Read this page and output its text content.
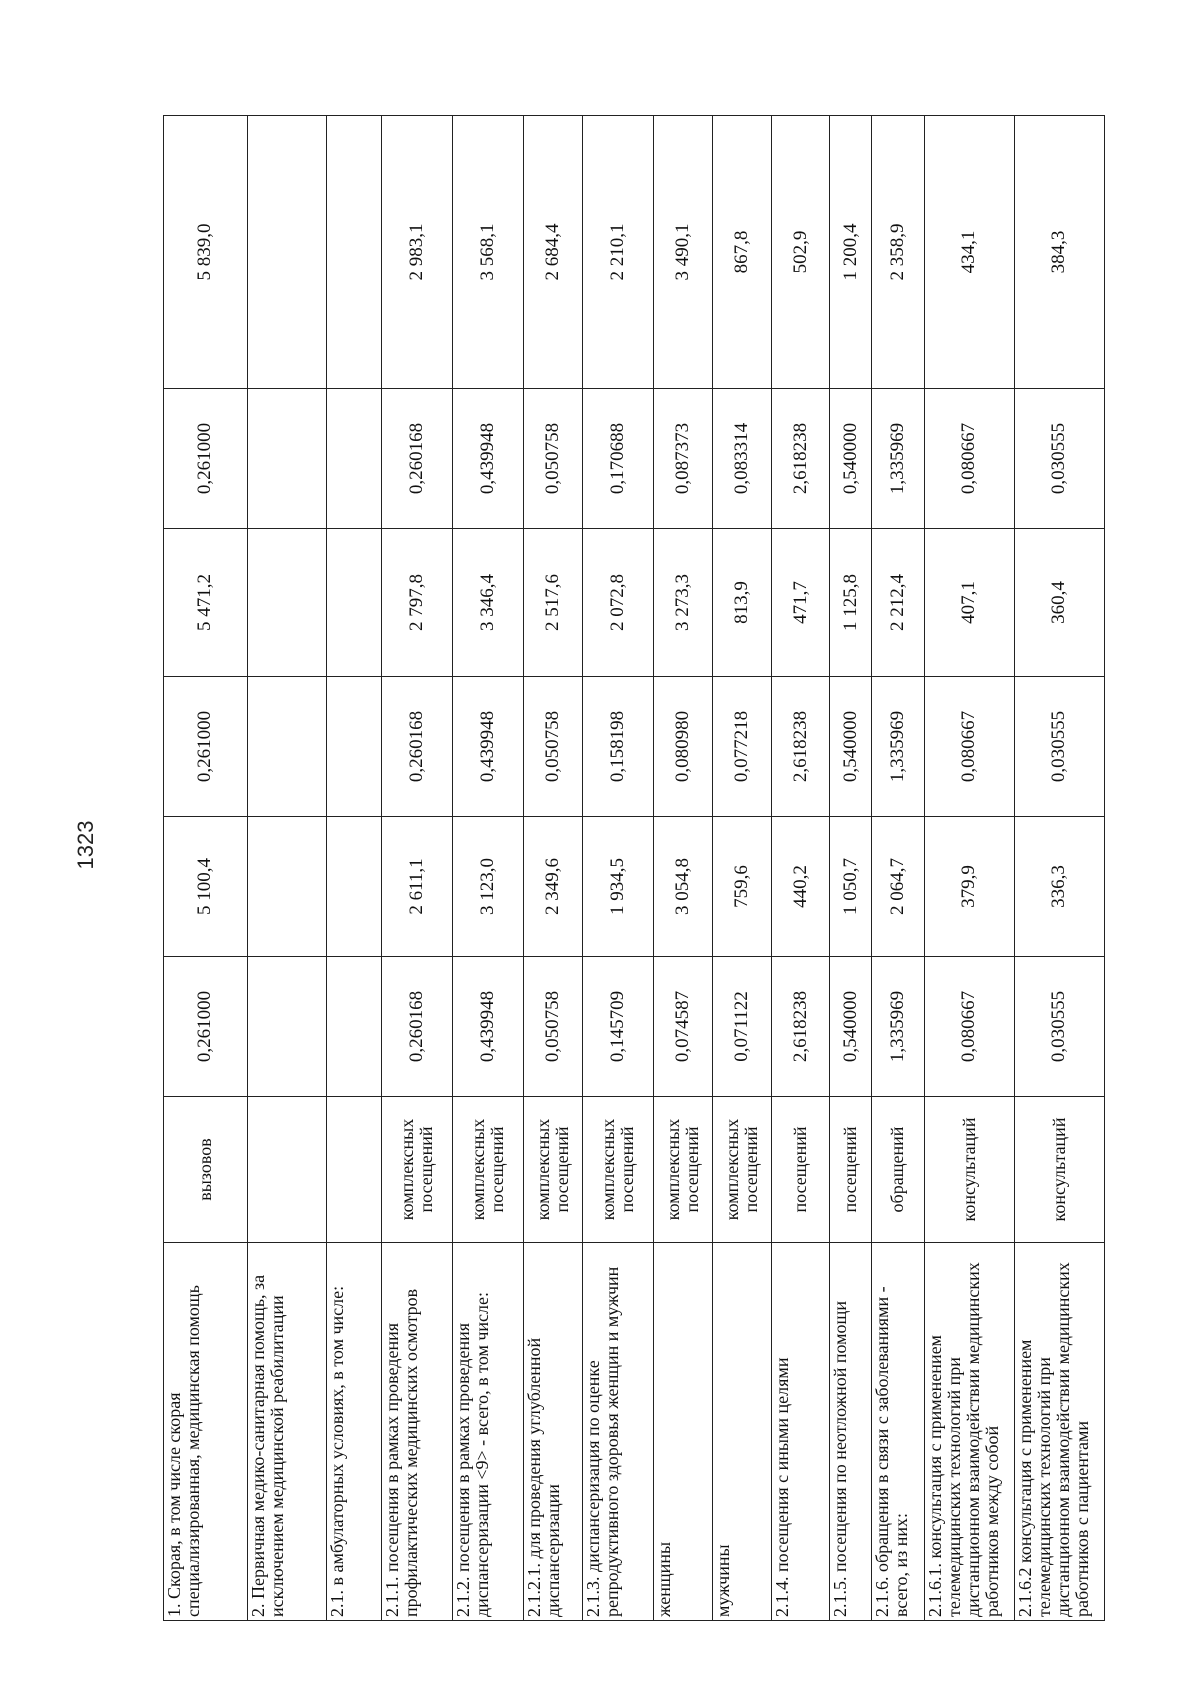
1323
1. Скорая, в том числе скорая специализированная, медицинская помощь	вызовов	0,261000	5 100,4	0,261000	5 471,2	0,261000	5 839,0
2. Первичная медико-санитарная помощь, за исключением медицинской реабилитации							
2.1. в амбулаторных условиях, в том числе:							
2.1.1. посещения в рамках проведения профилактических медицинских осмотров	комплексных посещений	0,260168	2 611,1	0,260168	2 797,8	0,260168	2 983,1
2.1.2. посещения в рамках проведения диспансеризации <9> - всего, в том числе:	комплексных посещений	0,439948	3 123,0	0,439948	3 346,4	0,439948	3 568,1
2.1.2.1. для проведения углубленной диспансеризации	комплексных посещений	0,050758	2 349,6	0,050758	2 517,6	0,050758	2 684,4
2.1.3. диспансеризация по оценке репродуктивного здоровья женщин и мужчин	комплексных посещений	0,145709	1 934,5	0,158198	2 072,8	0,170688	2 210,1
женщины	комплексных посещений	0,074587	3 054,8	0,080980	3 273,3	0,087373	3 490,1
мужчины	комплексных посещений	0,071122	759,6	0,077218	813,9	0,083314	867,8
2.1.4. посещения с иными целями	посещений	2,618238	440,2	2,618238	471,7	2,618238	502,9
2.1.5. посещения по неотложной помощи	посещений	0,540000	1 050,7	0,540000	1 125,8	0,540000	1 200,4
2.1.6. обращения в связи с заболеваниями - всего, из них:	обращений	1,335969	2 064,7	1,335969	2 212,4	1,335969	2 358,9
2.1.6.1. консультация с применением телемедицинских технологий при дистанционном взаимодействии медицинских работников между собой	консультаций	0,080667	379,9	0,080667	407,1	0,080667	434,1
2.1.6.2 консультация с применением телемедицинских технологий при дистанционном взаимодействии медицинских работников с пациентами	консультаций	0,030555	336,3	0,030555	360,4	0,030555	384,3
